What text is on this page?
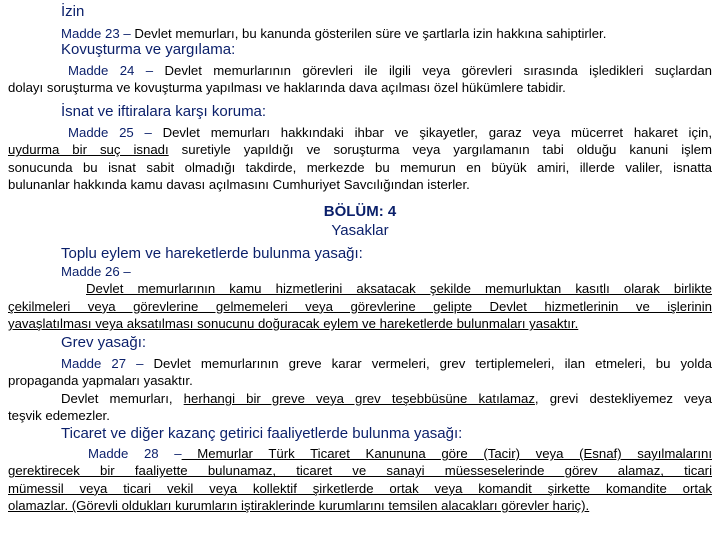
İzin
Madde 23 – Devlet memurları, bu kanunda gösterilen süre ve şartlarla izin hakkına sahiptirler.
Kovuşturma ve yargılama:
Madde 24 – Devlet memurlarının görevleri ile ilgili veya görevleri sırasında işledikleri suçlardan
dolayı soruşturma ve kovuşturma yapılması ve haklarında dava açılması özel hükümlere tabidir.
İsnat ve iftiralara karşı koruma:
Madde 25 – Devlet memurları hakkındaki ihbar ve şikayetler, garaz veya mücerret hakaret için,
uydurma bir suç isnadı suretiyle yapıldığı ve soruşturma veya yargılamanın tabi olduğu kanuni işlem
sonucunda bu isnat sabit olmadığı takdirde, merkezde bu memurun en büyük amiri, illerde valiler, isnatta
bulunanlar hakkında kamu davası açılmasını Cumhuriyet Savcılığından isterler.
BÖLÜM: 4
Yasaklar
Toplu eylem ve hareketlerde bulunma yasağı:
Madde 26 –
Devlet memurlarının kamu hizmetlerini aksatacak şekilde memurluktan kasıtlı olarak birlikte
çekilmeleri veya görevlerine gelmemeleri veya görevlerine gelipte Devlet hizmetlerinin ve işlerinin
yavaşlatılması veya aksatılması sonucunu doğuracak eylem ve hareketlerde bulunmaları yasaktır.
Grev yasağı:
Madde 27 – Devlet memurlarının greve karar vermeleri, grev tertiplemeleri, ilan etmeleri, bu yolda
propaganda yapmaları yasaktır.
Devlet memurları, herhangi bir greve veya grev teşebbüsüne katılamaz, grevi destekliyemez veya
teşvik edemezler.
Ticaret ve diğer kazanç getirici faaliyetlerde bulunma yasağı:
Madde 28 – Memurlar Türk Ticaret Kanununa göre (Tacir) veya (Esnaf) sayılmalarını
gerektirecek bir faaliyette bulunamaz, ticaret ve sanayi müesseselerinde görev alamaz, ticari
mümessil veya ticari vekil veya kollektif şirketlerde ortak veya komandit şirkette komandite ortak
olamazlar. (Görevli oldukları kurumların iştiraklerinde kurumlarını temsilen alacakları görevler hariç).
